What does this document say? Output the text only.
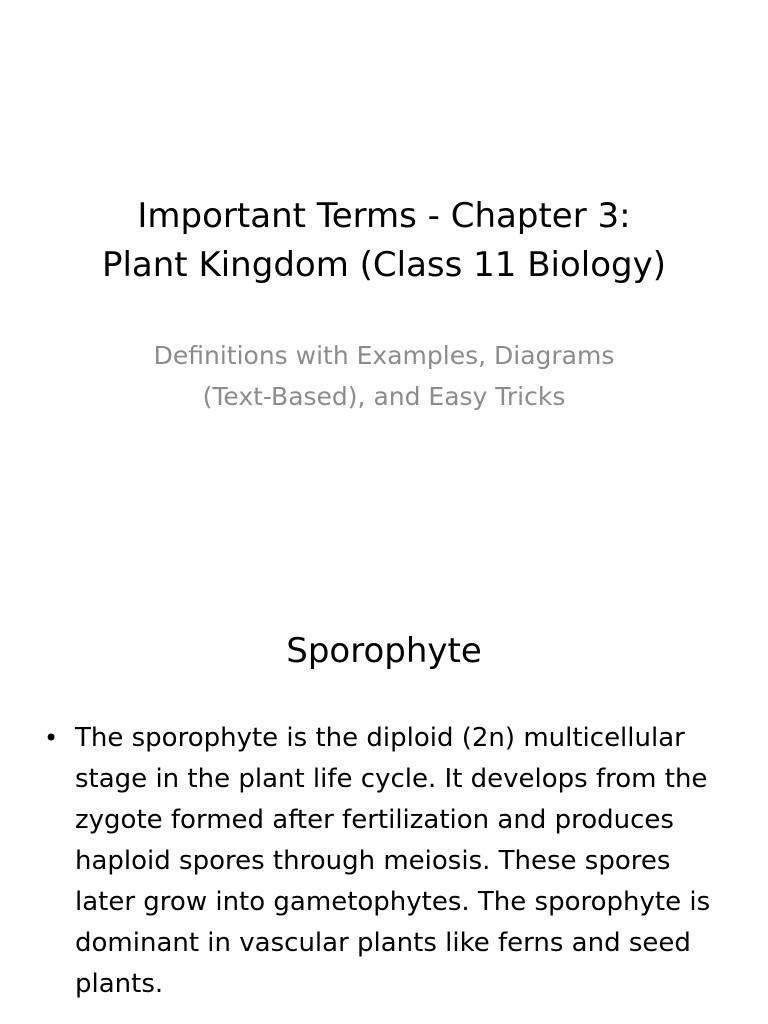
Important Terms - Chapter 3:
Plant Kingdom (Class 11 Biology)

Definitions with Examples, Diagrams
(Text-Based), and Easy Tricks

Sporophyte
• The sporophyte is the diploid (2n) multicellular stage in the plant life cycle. It develops from the zygote formed after fertilization and produces haploid spores through meiosis. These spores later grow into gametophytes. The sporophyte is dominant in vascular plants like ferns and seed plants.
